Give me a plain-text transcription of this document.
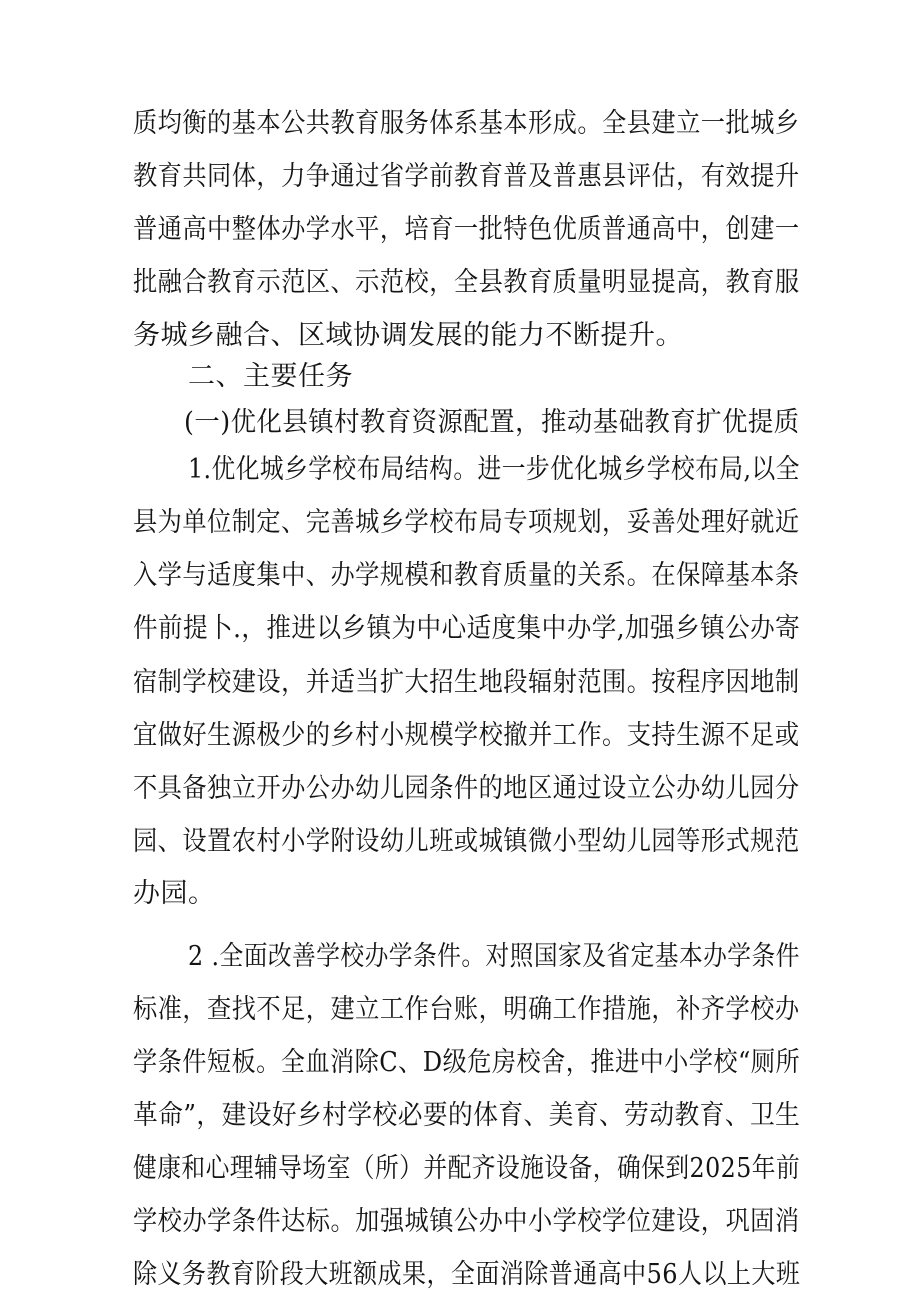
质均衡的基本公共教育服务体系基本形成。全县建立一批城乡
教育共同体，力争通过省学前教育普及普惠县评估，有效提升
普通高中整体办学水平，培育一批特色优质普通高中，创建一
批融合教育示范区、示范校，全县教育质量明显提高，教育服
务城乡融合、区域协调发展的能力不断提升。
二、主要任务
(一)优化县镇村教育资源配置，推动基础教育扩优提质
1.优化城乡学校布局结构。进一步优化城乡学校布局,以全
县为单位制定、完善城乡学校布局专项规划，妥善处理好就近
入学与适度集中、办学规模和教育质量的关系。在保障基本条
件前提卜.，推进以乡镇为中心适度集中办学,加强乡镇公办寄
宿制学校建设，并适当扩大招生地段辐射范围。按程序因地制
宜做好生源极少的乡村小规模学校撤并工作。支持生源不足或
不具备独立开办公办幼儿园条件的地区通过设立公办幼儿园分
园、设置农村小学附设幼儿班或城镇微小型幼儿园等形式规范
办园。
2 .全面改善学校办学条件。对照国家及省定基本办学条件
标准，查找不足，建立工作台账，明确工作措施，补齐学校办
学条件短板。全血消除C、D级危房校舍，推进中小学校“厕所
革命”，建设好乡村学校必要的体育、美育、劳动教育、卫生
健康和心理辅导场室（所）并配齐设施设备，确保到2025年前
学校办学条件达标。加强城镇公办中小学校学位建设，巩固消
除义务教育阶段大班额成果，全面消除普通高中56人以上大班
